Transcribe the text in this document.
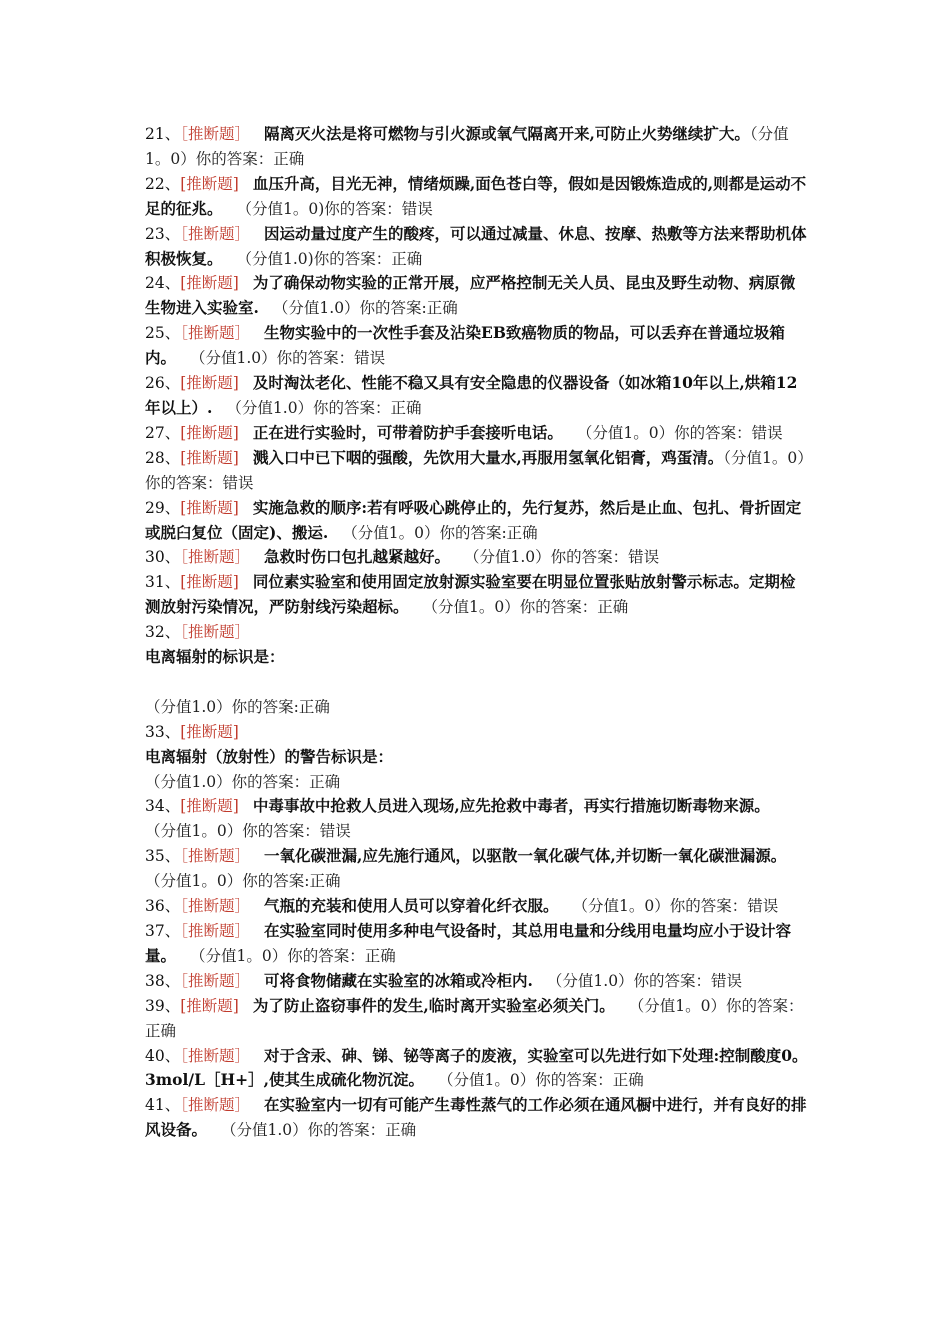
21、［推断题］ 隔离灭火法是将可燃物与引火源或氧气隔离开来,可防止火势继续扩大。（分值1。0）你的答案：正确
22、[推断题] 血压升高，目光无神，情绪烦躁,面色苍白等，假如是因锻炼造成的,则都是运动不足的征兆。 （分值1。0)你的答案：错误
23、［推断题］ 因运动量过度产生的酸疼，可以通过减量、休息、按摩、热敷等方法来帮助机体积极恢复。 （分值1.0)你的答案：正确
24、[推断题] 为了确保动物实验的正常开展，应严格控制无关人员、昆虫及野生动物、病原微生物进入实验室. （分值1.0）你的答案:正确
25、［推断题］ 生物实验中的一次性手套及沾染EB致癌物质的物品，可以丢弃在普通垃圾箱内。 （分值1.0）你的答案：错误
26、[推断题] 及时淘汰老化、性能不稳又具有安全隐患的仪器设备（如冰箱10年以上,烘箱12年以上）. （分值1.0）你的答案：正确
27、[推断题] 正在进行实验时，可带着防护手套接听电话。 （分值1。0）你的答案：错误
28、[推断题] 溅入口中已下咽的强酸，先饮用大量水,再服用氢氧化铝膏，鸡蛋清。（分值1。0）你的答案：错误
29、[推断题] 实施急救的顺序:若有呼吸心跳停止的，先行复苏，然后是止血、包扎、骨折固定或脱臼复位（固定)、搬运. （分值1。0）你的答案:正确
30、［推断题］ 急救时伤口包扎越紧越好。 （分值1.0）你的答案：错误
31、[推断题] 同位素实验室和使用固定放射源实验室要在明显位置张贴放射警示标志。定期检测放射污染情况，严防射线污染超标。 （分值1。0）你的答案：正确
32、［推断题］
电离辐射的标识是：
（分值1.0）你的答案:正确
33、[推断题]
电离辐射（放射性）的警告标识是：
（分值1.0）你的答案：正确
34、[推断题] 中毒事故中抢救人员进入现场,应先抢救中毒者，再实行措施切断毒物来源。（分值1。0）你的答案：错误
35、［推断题］ 一氧化碳泄漏,应先施行通风，以驱散一氧化碳气体,并切断一氧化碳泄漏源。（分值1。0）你的答案:正确
36、［推断题］ 气瓶的充装和使用人员可以穿着化纤衣服。 （分值1。0）你的答案：错误
37、［推断题］ 在实验室同时使用多种电气设备时，其总用电量和分线用电量均应小于设计容量。 （分值1。0）你的答案：正确
38、［推断题］ 可将食物储藏在实验室的冰箱或冷柜内. （分值1.0）你的答案：错误
39、[推断题] 为了防止盗窃事件的发生,临时离开实验室必须关门。 （分值1。0）你的答案：正确
40、［推断题］ 对于含汞、砷、锑、铋等离子的废液，实验室可以先进行如下处理:控制酸度0。3mol/L［H+］,使其生成硫化物沉淀。 （分值1。0）你的答案：正确
41、［推断题］ 在实验室内一切有可能产生毒性蒸气的工作必须在通风橱中进行，并有良好的排风设备。 （分值1.0）你的答案：正确
